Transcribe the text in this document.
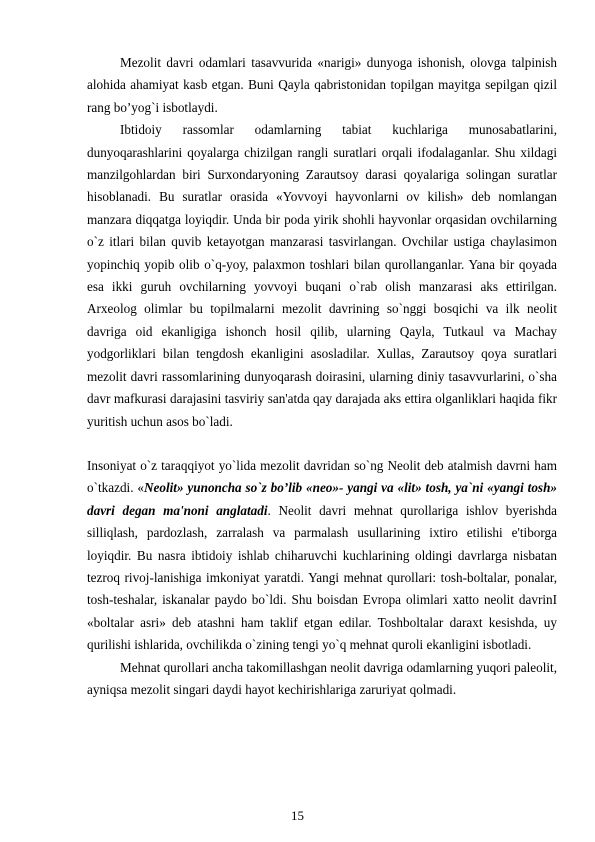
Mezolit davri odamlari tasavvurida «narigi» dunyoga ishonish, olovga talpinish alohida ahamiyat kasb etgan. Buni Qayla qabristonidan topilgan mayitga sepilgan qizil rang bo’yog`i isbotlaydi.

Ibtidoiy rassomlar odamlarning tabiat kuchlariga munosabatlarini, dunyoqarashlarini qoyalarga chizilgan rangli suratlari orqali ifodalaganlar. Shu xildagi manzilgohlardan biri Surxondaryoning Zarautsoy darasi qoyalariga solingan suratlar hisoblanadi. Bu suratlar orasida «Yovvoyi hayvonlarni ov kilish» deb nomlangan manzara diqqatga loyiqdir. Unda bir poda yirik shohli hayvonlar orqasidan ovchilarning o`z itlari bilan quvib ketayotgan manzarasi tasvirlangan. Ovchilar ustiga chaylasimon yopinchiq yopib olib o`q-yoy, palaxmon toshlari bilan qurollanganlar. Yana bir qoyada esa ikki guruh ovchilarning yovvoyi buqani o`rab olish manzarasi aks ettirilgan. Arxeolog olimlar bu topilmalarni mezolit davrining so`nggi bosqichi va ilk neolit davriga oid ekanligiga ishonch hosil qilib, ularning Qayla, Tutkaul va Machay yodgorliklari bilan tengdosh ekanligini asosladilar. Xullas, Zarautsoy qoya suratlari mezolit davri rassomlarining dunyoqarash doirasini, ularning diniy tasavvurlarini, o`sha davr mafkurasi darajasini tasviriy san'atda qay darajada aks ettira olganliklari haqida fikr yuritish uchun asos bo`ladi.

Insoniyat o`z taraqqiyot yo`lida mezolit davridan so`ng Neolit deb atalmish davrni ham o`tkazdi. «Neolit» yunoncha so`z bo’lib «neo»- yangi va «lit» tosh, ya`ni «yangi tosh» davri degan ma'noni anglatadi. Neolit davri mehnat qurollariga ishlov byerishda silliqlash, pardozlash, zarralash va parmalash usullarining ixtiro etilishi e'tiborga loyiqdir. Bu nasra ibtidoiy ishlab chiharuvchi kuchlarining oldingi davrlarga nisbatan tezroq rivoj-lanishiga imkoniyat yaratdi. Yangi mehnat qurollari: tosh-boltalar, ponalar, tosh-teshalar, iskanalar paydo bo`ldi. Shu boisdan Evropa olimlari xatto neolit davrinI «boltalar asri» deb atashni ham taklif etgan edilar. Toshboltalar daraxt kesishda, uy qurilishi ishlarida, ovchilikda o`zining tengi yo`q mehnat quroli ekanligini isbotladi.

Mehnat qurollari ancha takomillashgan neolit davriga odamlarning yuqori paleolit, ayniqsa mezolit singari daydi hayot kechirishlariga zaruriyat qolmadi.

15
